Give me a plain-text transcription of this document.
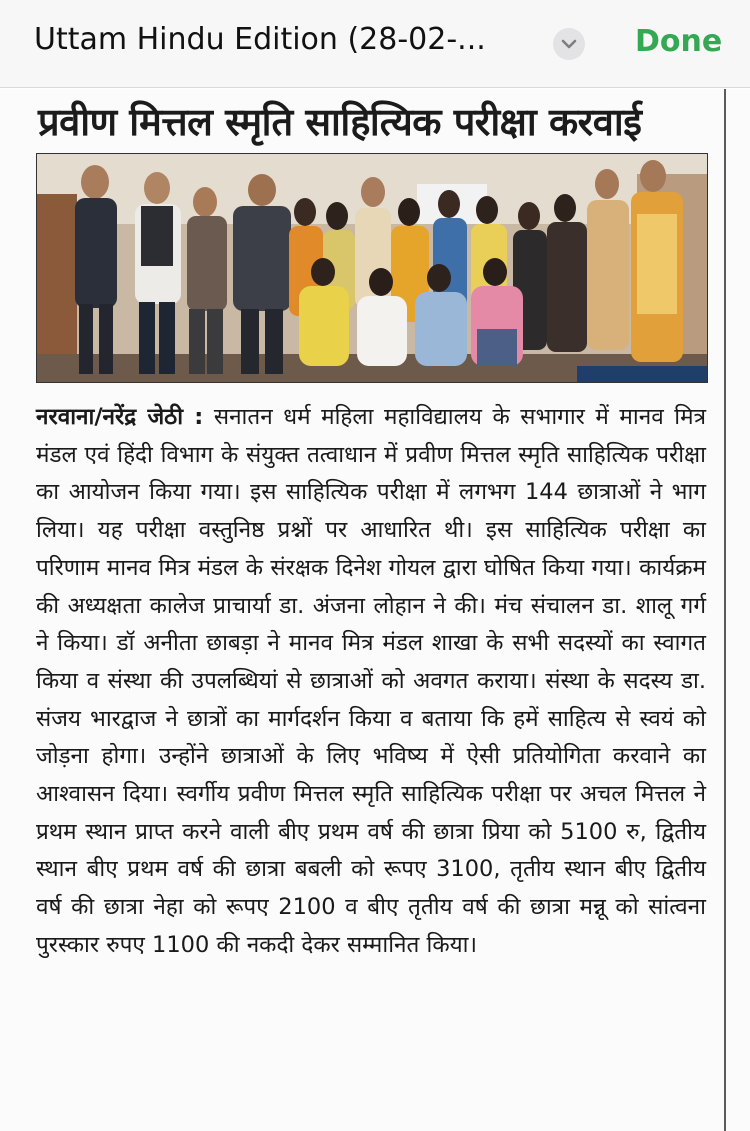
Uttam Hindu Edition (28-02-...	Done
प्रवीण मित्तल स्मृति साहित्यिक परीक्षा करवाई
नरवाना/नरेंद्र जेठी : सनातन धर्म महिला महाविद्यालय के सभागार में मानव मित्र मंडल एवं हिंदी विभाग के संयुक्त तत्वाधान में प्रवीण मित्तल स्मृति साहित्यिक परीक्षा का आयोजन किया गया। इस साहित्यिक परीक्षा में लगभग 144 छात्राओं ने भाग लिया। यह परीक्षा वस्तुनिष्ठ प्रश्नों पर आधारित थी। इस साहित्यिक परीक्षा का परिणाम मानव मित्र मंडल के संरक्षक दिनेश गोयल द्वारा घोषित किया गया। कार्यक्रम की अध्यक्षता कालेज प्राचार्या डा. अंजना लोहान ने की। मंच संचालन डा. शालू गर्ग ने किया। डॉ अनीता छाबड़ा ने मानव मित्र मंडल शाखा के सभी सदस्यों का स्वागत किया व संस्था की उपलब्धियां से छात्राओं को अवगत कराया। संस्था के सदस्य डा. संजय भारद्वाज ने छात्रों का मार्गदर्शन किया व बताया कि हमें साहित्य से स्वयं को जोड़ना होगा। उन्होंने छात्राओं के लिए भविष्य में ऐसी प्रतियोगिता करवाने का आश्वासन दिया। स्वर्गीय प्रवीण मित्तल स्मृति साहित्यिक परीक्षा पर अचल मित्तल ने प्रथम स्थान प्राप्त करने वाली बीए प्रथम वर्ष की छात्रा प्रिया को 5100 रु, द्वितीय स्थान बीए प्रथम वर्ष की छात्रा बबली को रूपए 3100, तृतीय स्थान बीए द्वितीय वर्ष की छात्रा नेहा को रूपए 2100 व बीए तृतीय वर्ष की छात्रा मन्नू को सांत्वना पुरस्कार रुपए 1100 की नकदी देकर सम्मानित किया।
